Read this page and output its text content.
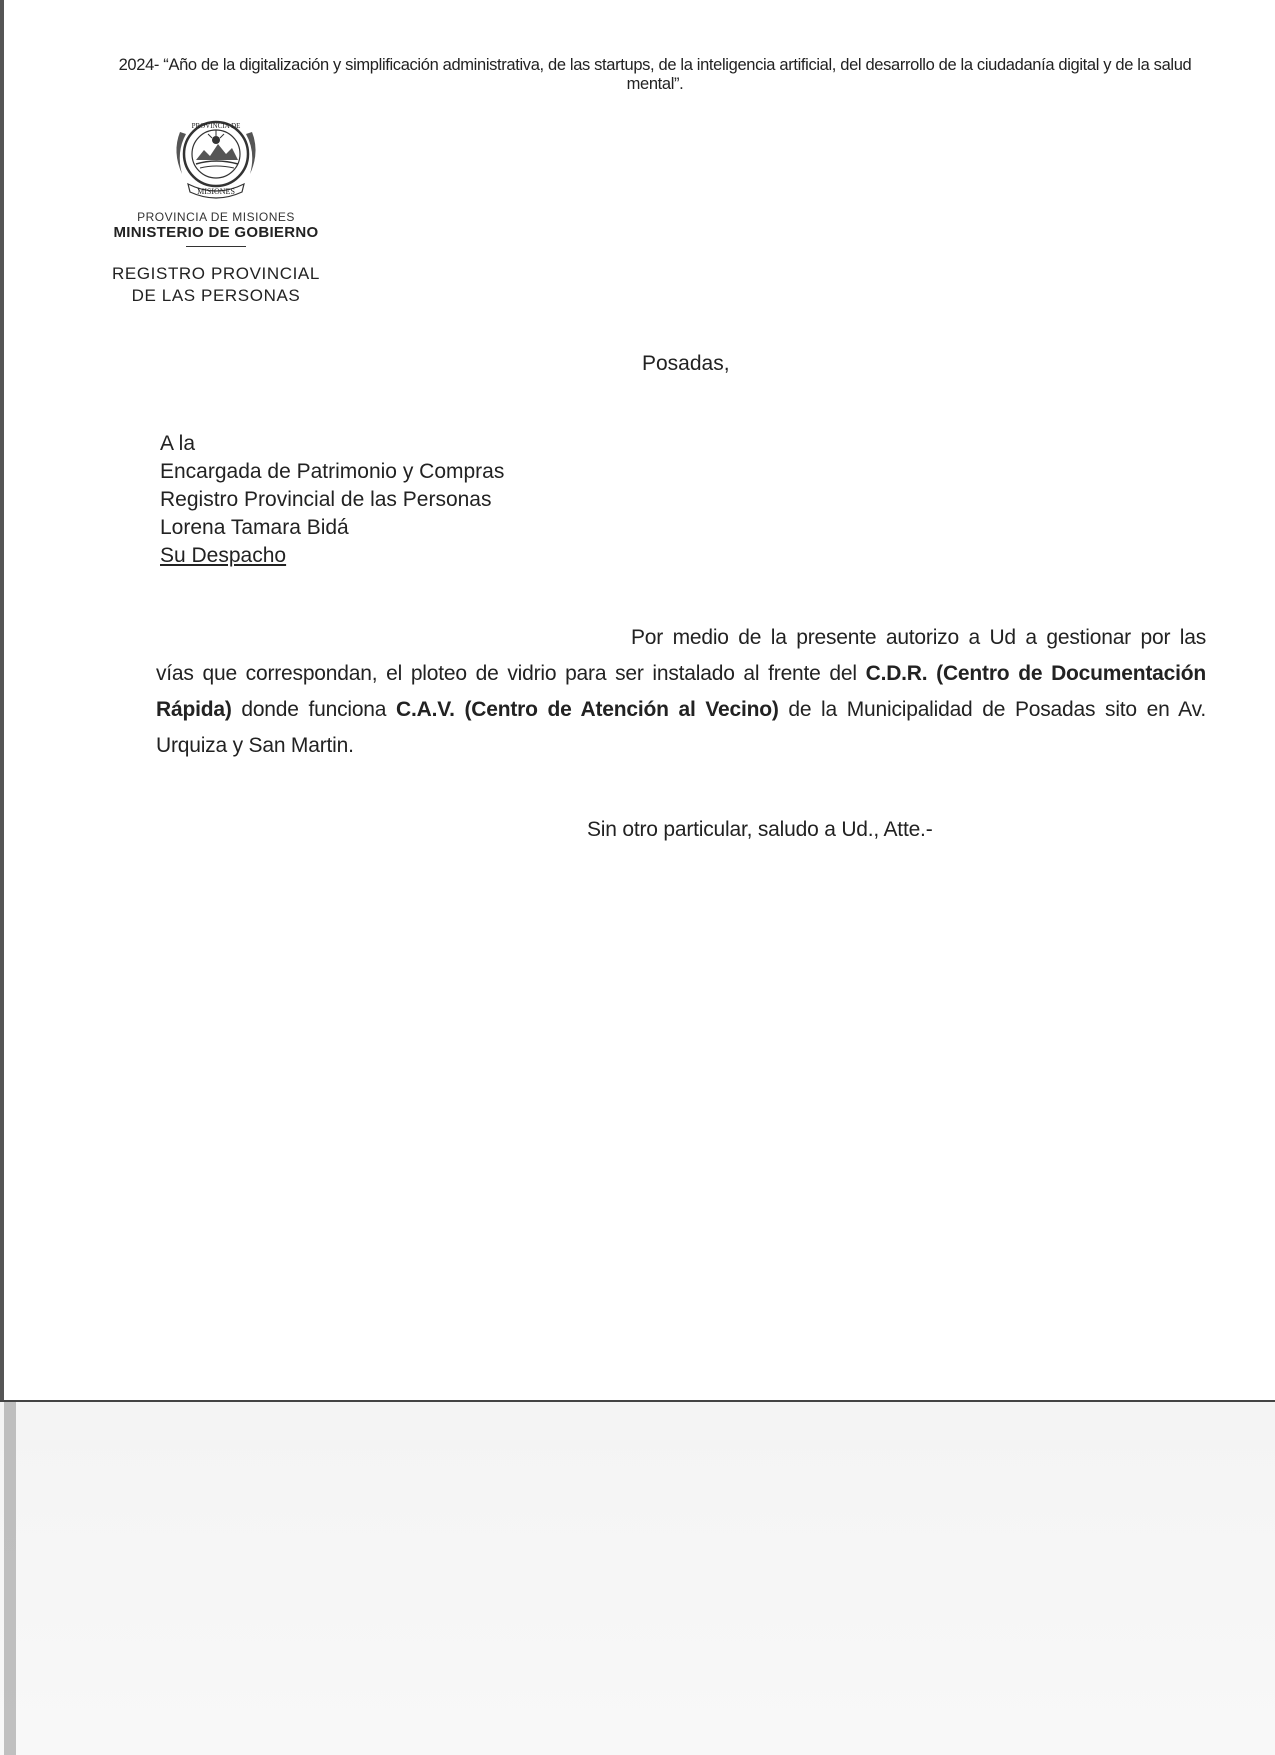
2024- “Año de la digitalización y simplificación administrativa, de las startups, de la inteligencia artificial, del desarrollo de la ciudadanía digital y de la salud mental”.
PROVINCIA DE
MISIONES
PROVINCIA DE MISIONES
MINISTERIO DE GOBIERNO
REGISTRO PROVINCIAL
DE LAS PERSONAS
Posadas,
A la
Encargada de Patrimonio y Compras
Registro Provincial de las Personas
Lorena Tamara Bidá
Su Despacho
Por medio de la presente autorizo a Ud a gestionar por las vías que correspondan, el ploteo de vidrio para ser instalado al frente del C.D.R. (Centro de Documentación Rápida) donde funciona C.A.V. (Centro de Atención al Vecino) de la Municipalidad de Posadas sito en Av. Urquiza y San Martin.
Sin otro particular, saludo a Ud., Atte.-
